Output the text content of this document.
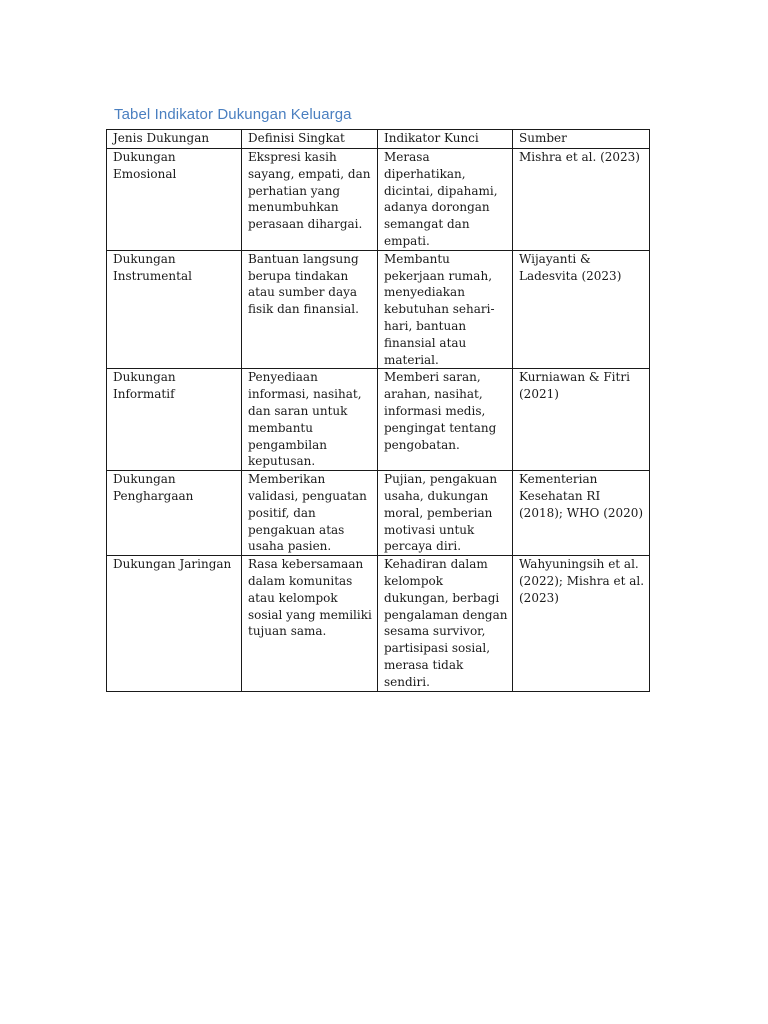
Tabel Indikator Dukungan Keluarga
Jenis Dukungan	Definisi Singkat	Indikator Kunci	Sumber
Dukungan Emosional	Ekspresi kasih sayang, empati, dan perhatian yang menumbuhkan perasaan dihargai.	Merasa diperhatikan, dicintai, dipahami, adanya dorongan semangat dan empati.	Mishra et al. (2023)
Dukungan Instrumental	Bantuan langsung berupa tindakan atau sumber daya fisik dan finansial.	Membantu pekerjaan rumah, menyediakan kebutuhan sehari-hari, bantuan finansial atau material.	Wijayanti & Ladesvita (2023)
Dukungan Informatif	Penyediaan informasi, nasihat, dan saran untuk membantu pengambilan keputusan.	Memberi saran, arahan, nasihat, informasi medis, pengingat tentang pengobatan.	Kurniawan & Fitri (2021)
Dukungan Penghargaan	Memberikan validasi, penguatan positif, dan pengakuan atas usaha pasien.	Pujian, pengakuan usaha, dukungan moral, pemberian motivasi untuk percaya diri.	Kementerian Kesehatan RI (2018); WHO (2020)
Dukungan Jaringan	Rasa kebersamaan dalam komunitas atau kelompok sosial yang memiliki tujuan sama.	Kehadiran dalam kelompok dukungan, berbagi pengalaman dengan sesama survivor, partisipasi sosial, merasa tidak sendiri.	Wahyuningsih et al. (2022); Mishra et al. (2023)
